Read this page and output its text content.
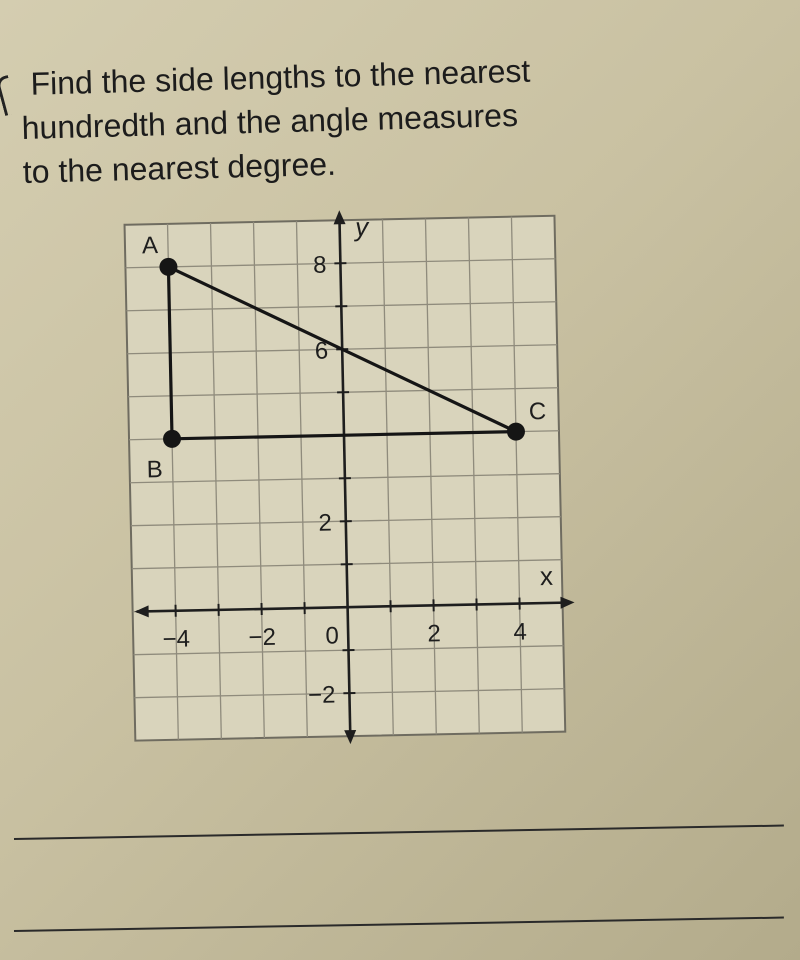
Find the side lengths to the nearest
hundredth and the angle measures
to the nearest degree.
x
y
−4 −2 0	2	4
8
6
2
−2
A
B
C
